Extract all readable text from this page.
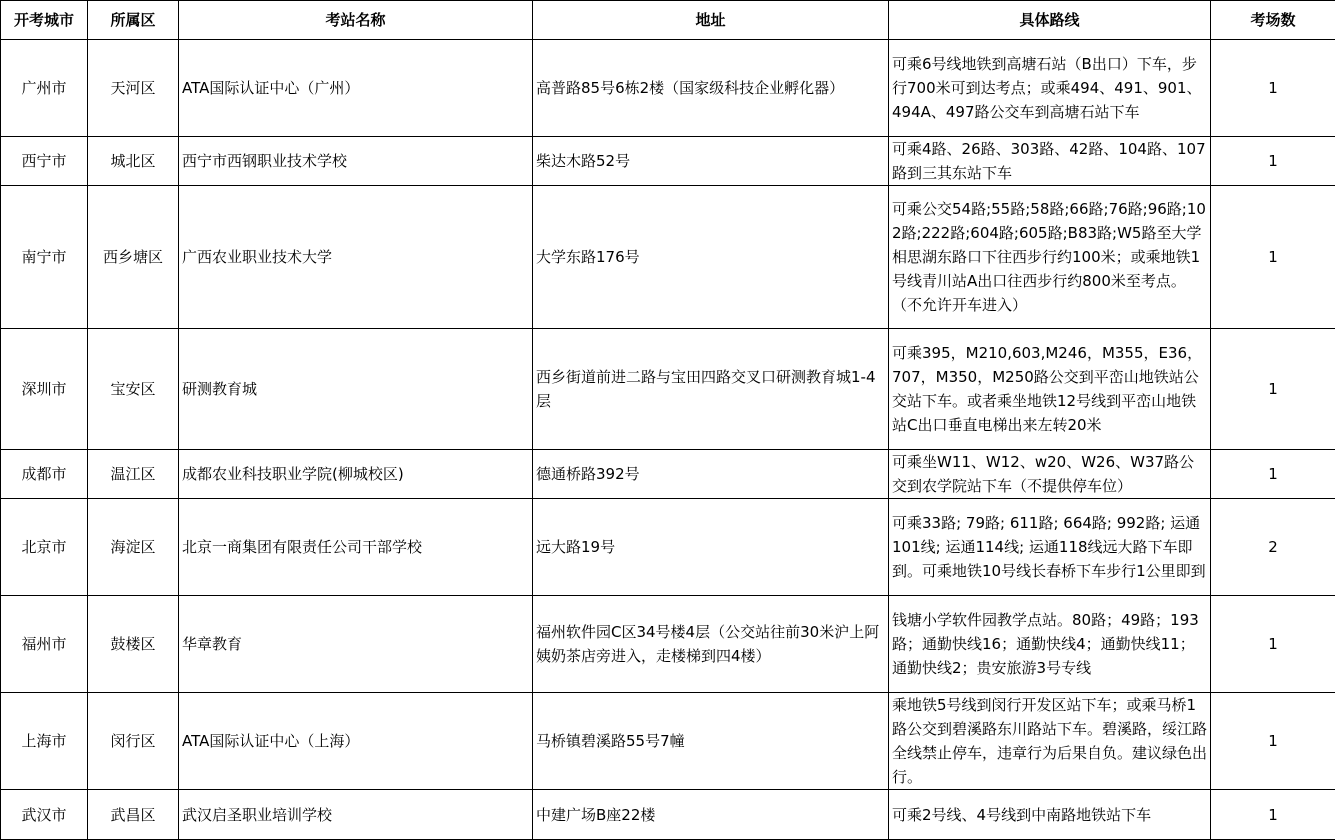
开考城市	所属区	考站名称	地址	具体路线	考场数
广州市	天河区	ATA国际认证中心（广州）	高普路85号6栋2楼（国家级科技企业孵化器）	可乘6号线地铁到高塘石站（B出口）下车，步行700米可到达考点；或乘494、491、901、494A、497路公交车到高塘石站下车	1
西宁市	城北区	西宁市西钢职业技术学校	柴达木路52号	可乘4路、26路、303路、42路、104路、107路到三其东站下车	1
南宁市	西乡塘区	广西农业职业技术大学	大学东路176号	可乘公交54路;55路;58路;66路;76路;96路;102路;222路;604路;605路;B83路;W5路至大学相思湖东路口下往西步行约100米；或乘地铁1号线青川站A出口往西步行约800米至考点。（不允许开车进入）	1
深圳市	宝安区	研测教育城	西乡街道前进二路与宝田四路交叉口研测教育城1-4层	可乘395，M210,603,M246，M355，E36，707，M350，M250路公交到平峦山地铁站公交站下车。或者乘坐地铁12号线到平峦山地铁站C出口垂直电梯出来左转20米	1
成都市	温江区	成都农业科技职业学院(柳城校区)	德通桥路392号	可乘坐W11、W12、w20、W26、W37路公交到农学院站下车（不提供停车位）	1
北京市	海淀区	北京一商集团有限责任公司干部学校	远大路19号	可乘33路; 79路; 611路; 664路; 992路; 运通101线; 运通114线; 运通118线远大路下车即到。可乘地铁10号线长春桥下车步行1公里即到	2
福州市	鼓楼区	华章教育	福州软件园C区34号楼4层（公交站往前30米沪上阿姨奶茶店旁进入，走楼梯到四4楼）	钱塘小学软件园教学点站。80路；49路；193路；通勤快线16；通勤快线4；通勤快线11；通勤快线2；贵安旅游3号专线	1
上海市	闵行区	ATA国际认证中心（上海）	马桥镇碧溪路55号7幢	乘地铁5号线到闵行开发区站下车；或乘马桥1路公交到碧溪路东川路站下车。碧溪路，绥江路全线禁止停车，违章行为后果自负。建议绿色出行。	1
武汉市	武昌区	武汉启圣职业培训学校	中建广场B座22楼	可乘2号线、4号线到中南路地铁站下车	1
